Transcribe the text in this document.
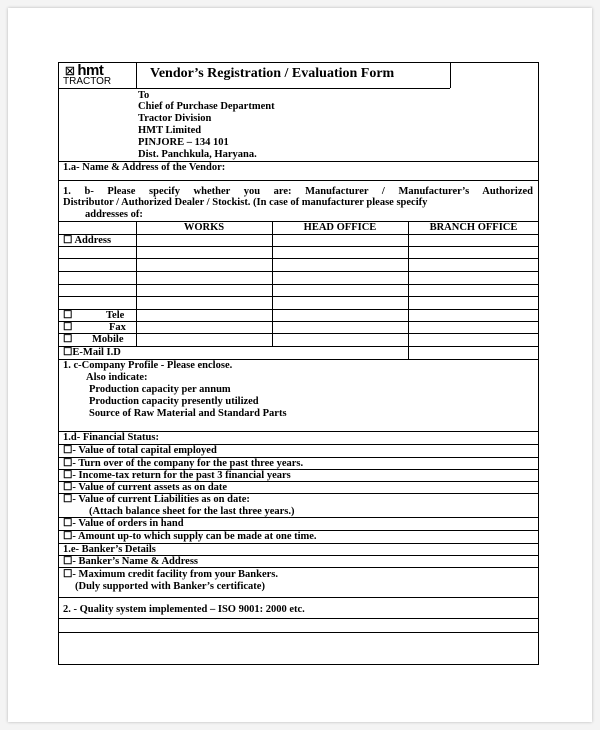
☒ hmt
TRACTOR
Vendor’s Registration / Evaluation Form
To
Chief of Purchase Department
Tractor Division
HMT Limited
PINJORE – 134 101
Dist. Panchkula, Haryana.
1.a- Name & Address of the Vendor:
1. b- Please specify whether you are: Manufacturer / Manufacturer’s Authorized
Distributor / Authorized Dealer / Stockist. (In case of manufacturer please specify
addresses of:
WORKS	HEAD OFFICE	BRANCH OFFICE
☐ Address
☐	Tele
☐	Fax
☐ Mobile
☐E-Mail I.D
1. c-Company Profile - Please enclose.
Also indicate:
Production capacity per annum
Production capacity presently utilized
Source of Raw Material and Standard Parts
1.d- Financial Status:
☐- Value of total capital employed
☐- Turn over of the company for the past three years.
☐- Income-tax return for the past 3 financial years
☐- Value of current assets as on date
☐- Value of current Liabilities as on date:
(Attach balance sheet for the last three years.)
☐- Value of orders in hand
☐- Amount up-to which supply can be made at one time.
1.e- Banker’s Details
☐- Banker’s Name & Address
☐- Maximum credit facility from your Bankers.
(Duly supported with Banker’s certificate)
2. - Quality system implemented – ISO 9001: 2000 etc.
